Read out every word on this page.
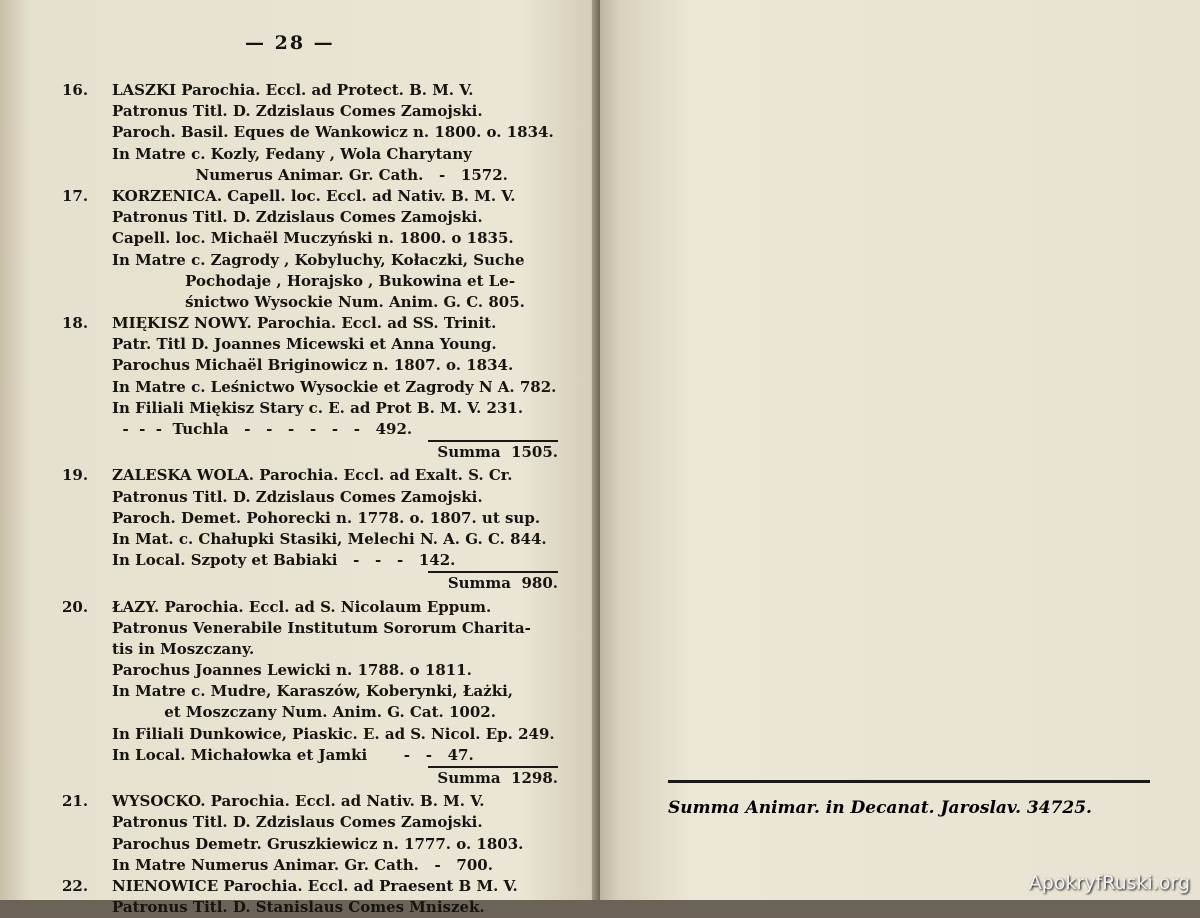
— 28 —
16. LASZKI Parochia. Eccl. ad Protect. B. M. V.
Patronus Titl. D. Zdzislaus Comes Zamojski.
Paroch. Basil. Eques de Wankowicz n. 1800. o. 1834.
In Matre c. Kozly, Fedany , Wola Charytany
Numerus Animar. Gr. Cath.   -   1572.
17. KORZENICA. Capell. loc. Eccl. ad Nativ. B. M. V.
Patronus Titl. D. Zdzislaus Comes Zamojski.
Capell. loc. Michaël Muczyński n. 1800. o 1835.
In Matre c. Zagrody , Kobyluchy, Kołaczki, Suche
Pochodaje , Horajsko , Bukowina et Le-
śnictwo Wysockie Num. Anim. G. C. 805.
18. MIĘKISZ NOWY. Parochia. Eccl. ad SS. Trinit.
Patr. Titl D. Joannes Micewski et Anna Young.
Parochus Michaël Briginowicz n. 1807. o. 1834.
In Matre c. Leśnictwo Wysockie et Zagrody N A. 782.
In Filiali Miękisz Stary c. E. ad Prot B. M. V. 231.
-  -  -  Tuchla   -   -   -   -   -   -   492.
Summa  1505.
19. ZALESKA WOLA. Parochia. Eccl. ad Exalt. S. Cr.
Patronus Titl. D. Zdzislaus Comes Zamojski.
Paroch. Demet. Pohorecki n. 1778. o. 1807. ut sup.
In Mat. c. Chałupki Stasiki, Melechi N. A. G. C. 844.
In Local. Szpoty et Babiaki   -   -   -   142.
Summa  980.
20. ŁAZY. Parochia. Eccl. ad S. Nicolaum Eppum.
Patronus Venerabile Institutum Sororum Charita-
tis in Moszczany.
Parochus Joannes Lewicki n. 1788. o 1811.
In Matre c. Mudre, Karaszów, Koberynki, Łażki,
et Moszczany Num. Anim. G. Cat. 1002.
In Filiali Dunkowice, Piaskic. E. ad S. Nicol. Ep. 249.
In Local. Michałowka et Jamki       -   -   47.
Summa  1298.
21. WYSOCKO. Parochia. Eccl. ad Nativ. B. M. V.
Patronus Titl. D. Zdzislaus Comes Zamojski.
Parochus Demetr. Gruszkiewicz n. 1777. o. 1803.
In Matre Numerus Animar. Gr. Cath.   -   700.
22. NIENOWICE Parochia. Eccl. ad Praesent B M. V.
Patronus Titl. D. Stanislaus Comes Mniszek.
Summa Animar. in Decanat. Jaroslav. 34725.
ApokryfRuski.org
